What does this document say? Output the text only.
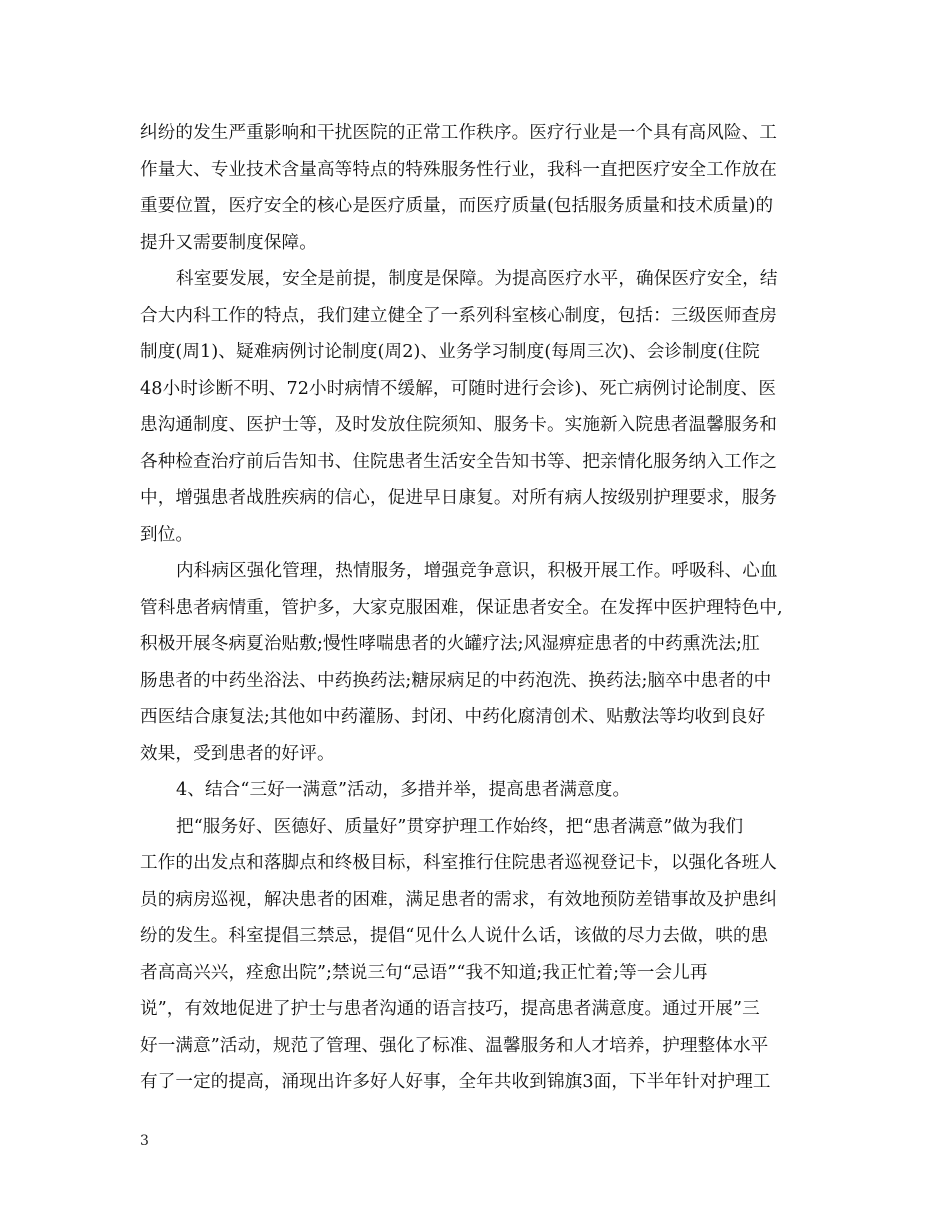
纠纷的发生严重影响和干扰医院的正常工作秩序。医疗行业是一个具有高风险、工
作量大、专业技术含量高等特点的特殊服务性行业，我科一直把医疗安全工作放在
重要位置，医疗安全的核心是医疗质量，而医疗质量(包括服务质量和技术质量)的
提升又需要制度保障。
科室要发展，安全是前提，制度是保障。为提高医疗水平，确保医疗安全，结
合大内科工作的特点，我们建立健全了一系列科室核心制度，包括：三级医师查房
制度(周1)、疑难病例讨论制度(周2)、业务学习制度(每周三次)、会诊制度(住院
48小时诊断不明、72小时病情不缓解，可随时进行会诊)、死亡病例讨论制度、医
患沟通制度、医护士等，及时发放住院须知、服务卡。实施新入院患者温馨服务和
各种检查治疗前后告知书、住院患者生活安全告知书等、把亲情化服务纳入工作之
中，增强患者战胜疾病的信心，促进早日康复。对所有病人按级别护理要求，服务
到位。
内科病区强化管理，热情服务，增强竞争意识，积极开展工作。呼吸科、心血
管科患者病情重，管护多，大家克服困难，保证患者安全。在发挥中医护理特色中,
积极开展冬病夏治贴敷;慢性哮喘患者的火罐疗法;风湿痹症患者的中药熏洗法;肛
肠患者的中药坐浴法、中药换药法;糖尿病足的中药泡洗、换药法;脑卒中患者的中
西医结合康复法;其他如中药灌肠、封闭、中药化腐清创术、贴敷法等均收到良好
效果，受到患者的好评。
4、结合“三好一满意”活动，多措并举，提高患者满意度。
把“服务好、医德好、质量好”贯穿护理工作始终，把“患者满意”做为我们
工作的出发点和落脚点和终极目标，科室推行住院患者巡视登记卡，以强化各班人
员的病房巡视，解决患者的困难，满足患者的需求，有效地预防差错事故及护患纠
纷的发生。科室提倡三禁忌，提倡“见什么人说什么话，该做的尽力去做，哄的患
者高高兴兴，痊愈出院”;禁说三句“忌语”“我不知道;我正忙着;等一会儿再
说”，有效地促进了护士与患者沟通的语言技巧，提高患者满意度。通过开展”三
好一满意”活动，规范了管理、强化了标准、温馨服务和人才培养，护理整体水平
有了一定的提高，涌现出许多好人好事，全年共收到锦旗3面，下半年针对护理工
3
